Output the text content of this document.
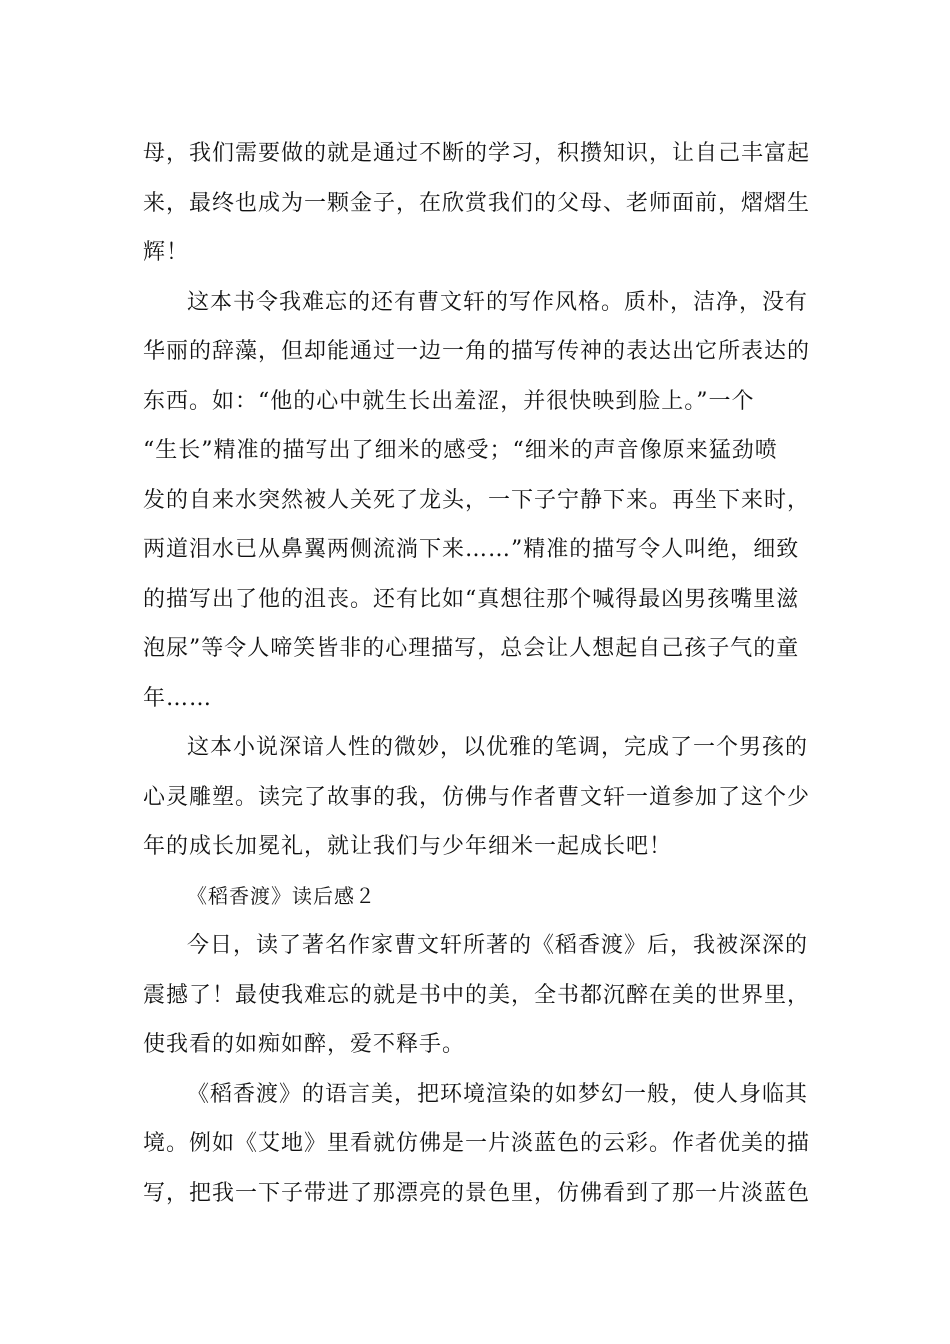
母，我们需要做的就是通过不断的学习，积攒知识，让自己丰富起
来，最终也成为一颗金子，在欣赏我们的父母、老师面前，熠熠生
辉！
这本书令我难忘的还有曹文轩的写作风格。质朴，洁净，没有
华丽的辞藻，但却能通过一边一角的描写传神的表达出它所表达的
东西。如：“他的心中就生长出羞涩，并很快映到脸上。”一个
“生长”精准的描写出了细米的感受；“细米的声音像原来猛劲喷
发的自来水突然被人关死了龙头，一下子宁静下来。再坐下来时，
两道泪水已从鼻翼两侧流淌下来……”精准的描写令人叫绝，细致
的描写出了他的沮丧。还有比如“真想往那个喊得最凶男孩嘴里滋
泡尿”等令人啼笑皆非的心理描写，总会让人想起自己孩子气的童
年……
这本小说深谙人性的微妙，以优雅的笔调，完成了一个男孩的
心灵雕塑。读完了故事的我，仿佛与作者曹文轩一道参加了这个少
年的成长加冕礼，就让我们与少年细米一起成长吧！
《稻香渡》读后感２
今日，读了著名作家曹文轩所著的《稻香渡》后，我被深深的
震撼了！最使我难忘的就是书中的美，全书都沉醉在美的世界里，
使我看的如痴如醉，爱不释手。
《稻香渡》的语言美，把环境渲染的如梦幻一般，使人身临其
境。例如《艾地》里看就仿佛是一片淡蓝色的云彩。作者优美的描
写，把我一下子带进了那漂亮的景色里，仿佛看到了那一片淡蓝色
